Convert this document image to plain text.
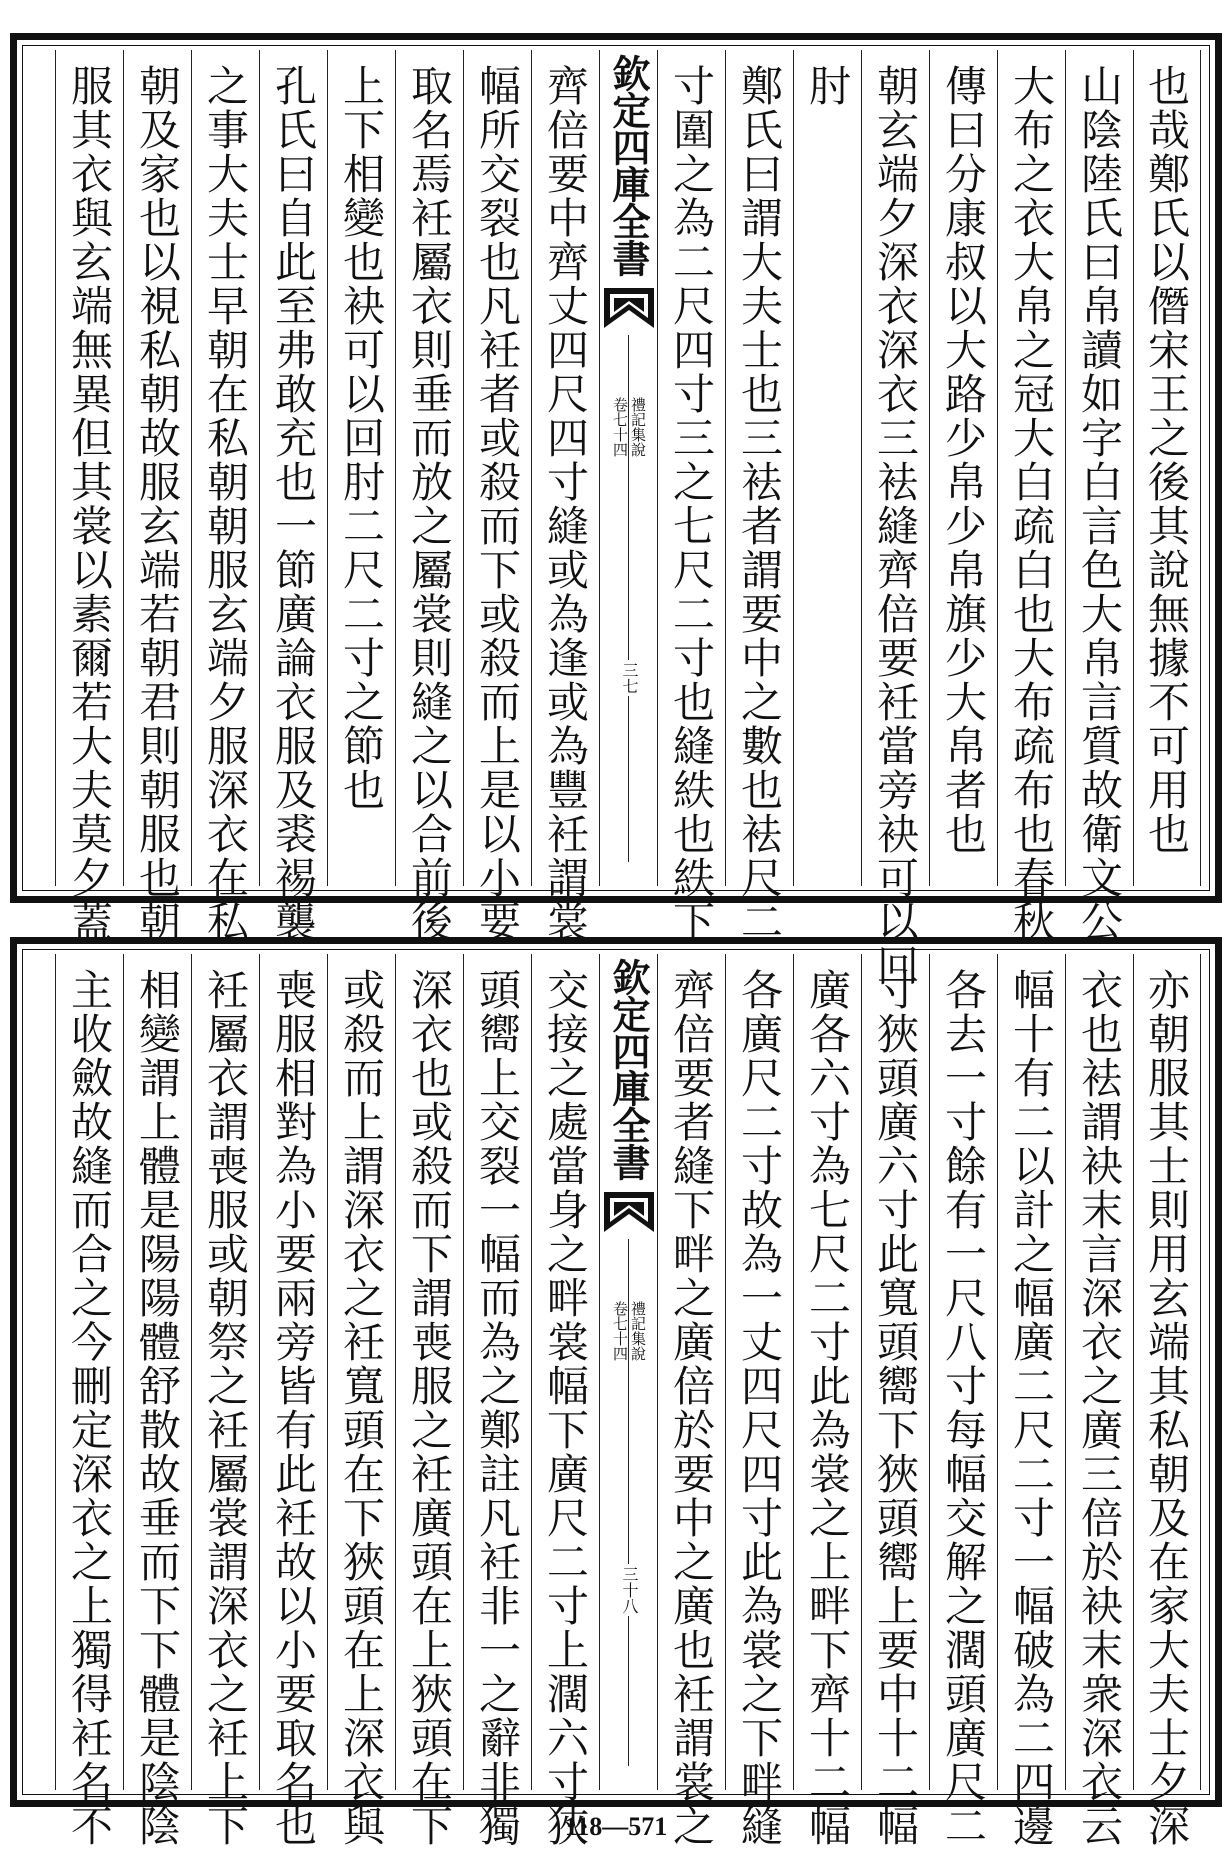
也哉鄭氏以僭宋王之後其說無據不可用也
山陰陸氏曰帛讀如字白言色大帛言質故衛文公
大布之衣大帛之冠大白疏白也大布疏布也春秋
傳曰分康叔以大路少帛少帛旗少大帛者也
朝玄端夕深衣深衣三袪縫齊倍要衽當旁袂可以回
肘
鄭氏曰謂大夫士也三袪者謂要中之數也袪尺二
寸圍之為二尺四寸三之七尺二寸也縫紩也紩下
欽定四庫全書
禮記集說
卷七十四
三七
齊倍要中齊丈四尺四寸縫或為逢或為豐衽謂裳
幅所交裂也凡衽者或殺而下或殺而上是以小要
取名焉衽屬衣則垂而放之屬裳則縫之以合前後
上下相變也袂可以回肘二尺二寸之節也
孔氏曰自此至弗敢充也一節廣論衣服及裘裼襲
之事大夫士早朝在私朝朝服玄端夕服深衣在私
朝及家也以視私朝故服玄端若朝君則朝服也朝
服其衣與玄端無異但其裳以素爾若大夫莫夕蓋
亦朝服其士則用玄端其私朝及在家大夫士夕深
衣也袪謂袂末言深衣之廣三倍於袂末衆深衣云
幅十有二以計之幅廣二尺二寸一幅破為二四邊
各去一寸餘有一尺八寸每幅交解之濶頭廣尺二
寸狹頭廣六寸此寬頭嚮下狹頭嚮上要中十二幅
廣各六寸為七尺二寸此為裳之上畔下齊十二幅
各廣尺二寸故為一丈四尺四寸此為裳之下畔縫
齊倍要者縫下畔之廣倍於要中之廣也衽謂裳之
欽定四庫全書
禮記集說
卷七十四
三十八
交接之處當身之畔裳幅下廣尺二寸上濶六寸狹
頭嚮上交裂一幅而為之鄭註凡衽非一之辭非獨
深衣也或殺而下謂喪服之衽廣頭在上狹頭在下
或殺而上謂深衣之衽寬頭在下狹頭在上深衣與
喪服相對為小要兩旁皆有此衽故以小要取名也
衽屬衣謂喪服或朝祭之衽屬裳謂深衣之衽上下
相變謂上體是陽陽體舒散故垂而下下體是陰陰
主收斂故縫而合之今刪定深衣之上獨得衽名不	118—571
